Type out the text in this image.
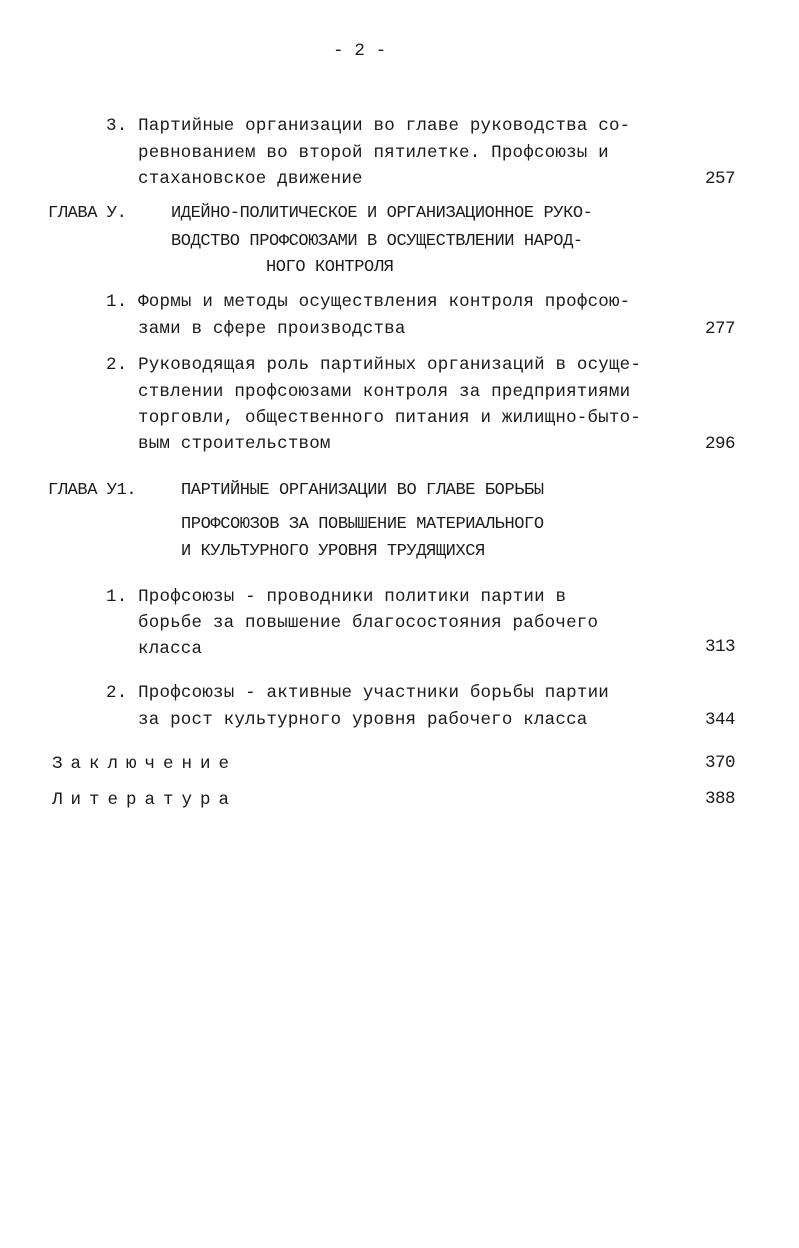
- 2 -
3. Партийные организации во главе руководства со-
ревнованием во второй пятилетке. Профсоюзы и
стахановское движение	257
ГЛАВА У.	ИДЕЙНО-ПОЛИТИЧЕСКОЕ И ОРГАНИЗАЦИОННОЕ РУКО-
ВОДСТВО ПРОФСОЮЗАМИ В ОСУЩЕСТВЛЕНИИ НАРОД-
НОГО КОНТРОЛЯ
1. Формы и методы осуществления контроля профсою-
зами в сфере производства	277
2. Руководящая роль партийных организаций в осуще-
ствлении профсоюзами контроля за предприятиями
торговли, общественного питания и жилищно-быто-
вым строительством	296
ГЛАВА У1.	ПАРТИЙНЫЕ ОРГАНИЗАЦИИ ВО ГЛАВЕ БОРЬБЫ
ПРОФСОЮЗОВ ЗА ПОВЫШЕНИЕ МАТЕРИАЛЬНОГО
И КУЛЬТУРНОГО УРОВНЯ ТРУДЯЩИХСЯ
1. Профсоюзы - проводники политики партии в
борьбе за повышение благосостояния рабочего
класса	313
2. Профсоюзы - активные участники борьбы партии
за рост культурного уровня рабочего класса	344
Заключение	370
Литература	388
